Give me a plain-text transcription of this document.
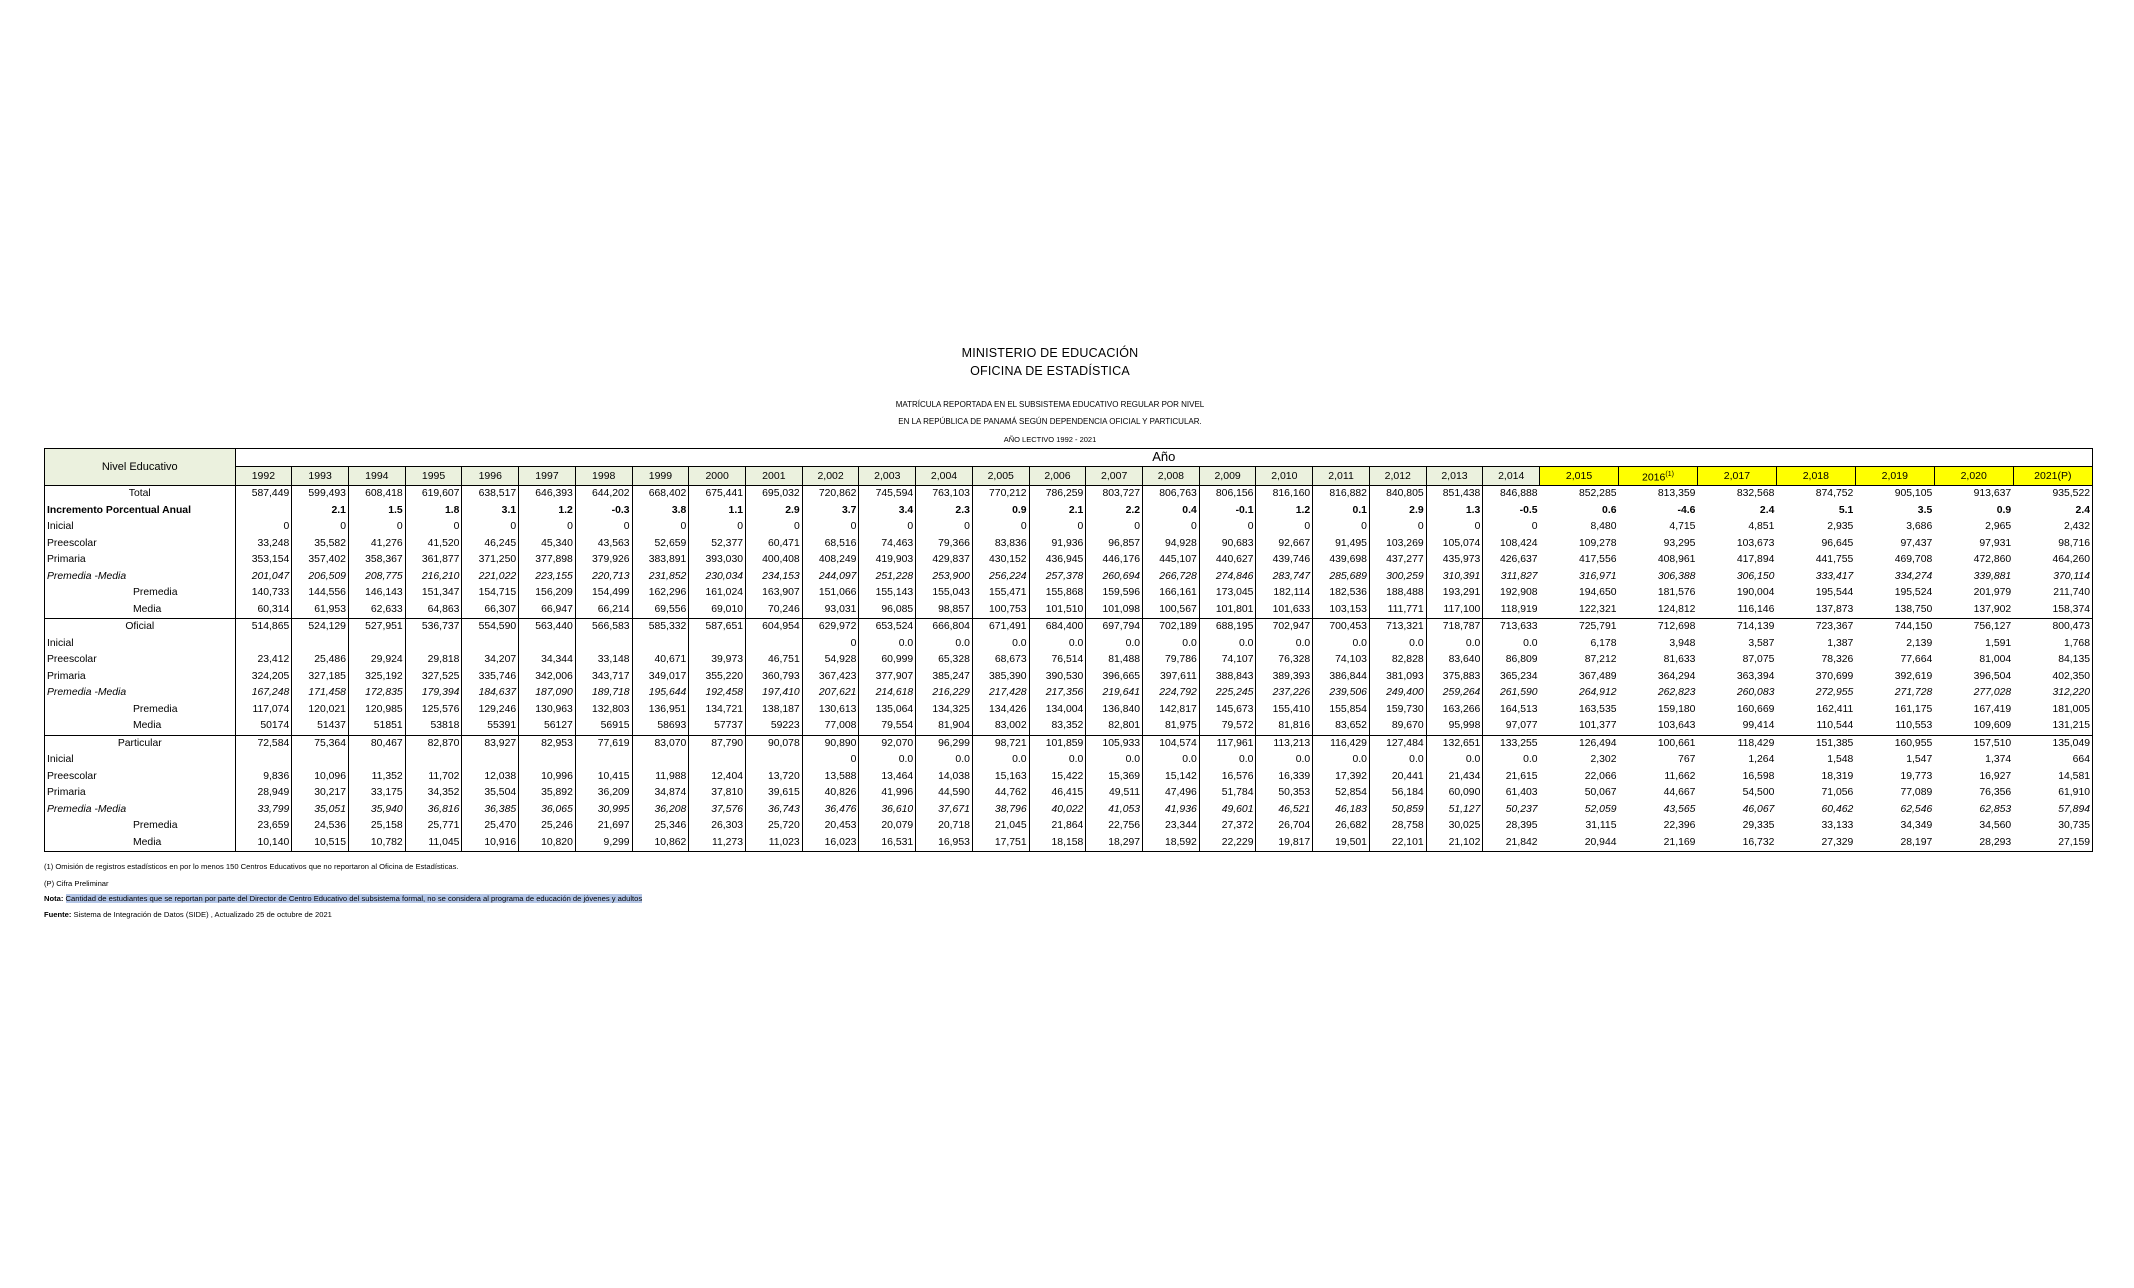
MINISTERIO DE EDUCACIÓN
OFICINA DE ESTADÍSTICA
MATRÍCULA REPORTADA EN EL SUBSISTEMA EDUCATIVO REGULAR POR NIVEL
EN LA REPÚBLICA DE PANAMÁ SEGÚN DEPENDENCIA OFICIAL Y PARTICULAR.
AÑO LECTIVO 1992 - 2021
Nivel Educativo	Año																													
	1992	1993	1994	1995	1996	1997	1998	1999	2000	2001	2,002	2,003	2,004	2,005	2,006	2,007	2,008	2,009	2,010	2,011	2,012	2,013	2,014	2,015	2016$^{(1)}$	2,017	2,018	2,019	2,020	2021(P)
Total	587,449	599,493	608,418	619,607	638,517	646,393	644,202	668,402	675,441	695,032	720,862	745,594	763,103	770,212	786,259	803,727	806,763	806,156	816,160	816,882	840,805	851,438	846,888	852,285	813,359	832,568	874,752	905,105	913,637	935,522
Incremento Porcentual Anual		2.1	1.5	1.8	3.1	1.2	-0.3	3.8	1.1	2.9	3.7	3.4	2.3	0.9	2.1	2.2	0.4	-0.1	1.2	0.1	2.9	1.3	-0.5	0.6	-4.6	2.4	5.1	3.5	0.9	2.4
Inicial	0	0	0	0	0	0	0	0	0	0	0	0	0	0	0	0	0	0	0	0	0	0	0	8,480	4,715	4,851	2,935	3,686	2,965	2,432
Preescolar	33,248	35,582	41,276	41,520	46,245	45,340	43,563	52,659	52,377	60,471	68,516	74,463	79,366	83,836	91,936	96,857	94,928	90,683	92,667	91,495	103,269	105,074	108,424	109,278	93,295	103,673	96,645	97,437	97,931	98,716
Primaria	353,154	357,402	358,367	361,877	371,250	377,898	379,926	383,891	393,030	400,408	408,249	419,903	429,837	430,152	436,945	446,176	445,107	440,627	439,746	439,698	437,277	435,973	426,637	417,556	408,961	417,894	441,755	469,708	472,860	464,260
Premedia -Media	201,047	206,509	208,775	216,210	221,022	223,155	220,713	231,852	230,034	234,153	244,097	251,228	253,900	256,224	257,378	260,694	266,728	274,846	283,747	285,689	300,259	310,391	311,827	316,971	306,388	306,150	333,417	334,274	339,881	370,114
Premedia	140,733	144,556	146,143	151,347	154,715	156,209	154,499	162,296	161,024	163,907	151,066	155,143	155,043	155,471	155,868	159,596	166,161	173,045	182,114	182,536	188,488	193,291	192,908	194,650	181,576	190,004	195,544	195,524	201,979	211,740
Media	60,314	61,953	62,633	64,863	66,307	66,947	66,214	69,556	69,010	70,246	93,031	96,085	98,857	100,753	101,510	101,098	100,567	101,801	101,633	103,153	111,771	117,100	118,919	122,321	124,812	116,146	137,873	138,750	137,902	158,374
Oficial	514,865	524,129	527,951	536,737	554,590	563,440	566,583	585,332	587,651	604,954	629,972	653,524	666,804	671,491	684,400	697,794	702,189	688,195	702,947	700,453	713,321	718,787	713,633	725,791	712,698	714,139	723,367	744,150	756,127	800,473
Inicial											0	0.0	0.0	0.0	0.0	0.0	0.0	0.0	0.0	0.0	0.0	0.0	0.0	6,178	3,948	3,587	1,387	2,139	1,591	1,768
Preescolar	23,412	25,486	29,924	29,818	34,207	34,344	33,148	40,671	39,973	46,751	54,928	60,999	65,328	68,673	76,514	81,488	79,786	74,107	76,328	74,103	82,828	83,640	86,809	87,212	81,633	87,075	78,326	77,664	81,004	84,135
Primaria	324,205	327,185	325,192	327,525	335,746	342,006	343,717	349,017	355,220	360,793	367,423	377,907	385,247	385,390	390,530	396,665	397,611	388,843	389,393	386,844	381,093	375,883	365,234	367,489	364,294	363,394	370,699	392,619	396,504	402,350
Premedia -Media	167,248	171,458	172,835	179,394	184,637	187,090	189,718	195,644	192,458	197,410	207,621	214,618	216,229	217,428	217,356	219,641	224,792	225,245	237,226	239,506	249,400	259,264	261,590	264,912	262,823	260,083	272,955	271,728	277,028	312,220
Premedia	117,074	120,021	120,985	125,576	129,246	130,963	132,803	136,951	134,721	138,187	130,613	135,064	134,325	134,426	134,004	136,840	142,817	145,673	155,410	155,854	159,730	163,266	164,513	163,535	159,180	160,669	162,411	161,175	167,419	181,005
Media	50174	51437	51851	53818	55391	56127	56915	58693	57737	59223	77,008	79,554	81,904	83,002	83,352	82,801	81,975	79,572	81,816	83,652	89,670	95,998	97,077	101,377	103,643	99,414	110,544	110,553	109,609	131,215
Particular	72,584	75,364	80,467	82,870	83,927	82,953	77,619	83,070	87,790	90,078	90,890	92,070	96,299	98,721	101,859	105,933	104,574	117,961	113,213	116,429	127,484	132,651	133,255	126,494	100,661	118,429	151,385	160,955	157,510	135,049
Inicial											0	0.0	0.0	0.0	0.0	0.0	0.0	0.0	0.0	0.0	0.0	0.0	0.0	2,302	767	1,264	1,548	1,547	1,374	664
Preescolar	9,836	10,096	11,352	11,702	12,038	10,996	10,415	11,988	12,404	13,720	13,588	13,464	14,038	15,163	15,422	15,369	15,142	16,576	16,339	17,392	20,441	21,434	21,615	22,066	11,662	16,598	18,319	19,773	16,927	14,581
Primaria	28,949	30,217	33,175	34,352	35,504	35,892	36,209	34,874	37,810	39,615	40,826	41,996	44,590	44,762	46,415	49,511	47,496	51,784	50,353	52,854	56,184	60,090	61,403	50,067	44,667	54,500	71,056	77,089	76,356	61,910
Premedia -Media	33,799	35,051	35,940	36,816	36,385	36,065	30,995	36,208	37,576	36,743	36,476	36,610	37,671	38,796	40,022	41,053	41,936	49,601	46,521	46,183	50,859	51,127	50,237	52,059	43,565	46,067	60,462	62,546	62,853	57,894
Premedia	23,659	24,536	25,158	25,771	25,470	25,246	21,697	25,346	26,303	25,720	20,453	20,079	20,718	21,045	21,864	22,756	23,344	27,372	26,704	26,682	28,758	30,025	28,395	31,115	22,396	29,335	33,133	34,349	34,560	30,735
Media	10,140	10,515	10,782	11,045	10,916	10,820	9,299	10,862	11,273	11,023	16,023	16,531	16,953	17,751	18,158	18,297	18,592	22,229	19,817	19,501	22,101	21,102	21,842	20,944	21,169	16,732	27,329	28,197	28,293	27,159
(1) Omisión de registros estadísticos en por lo menos 150 Centros Educativos que no reportaron al Oficina de Estadísticas.
(P) Cifra Preliminar
Nota: Cantidad de estudiantes que se reportan por parte del Director de Centro Educativo del subsistema formal, no se considera al programa de educación de jóvenes y adultos
Fuente: Sistema de Integración de Datos (SIDE) , Actualizado 25 de octubre de 2021
